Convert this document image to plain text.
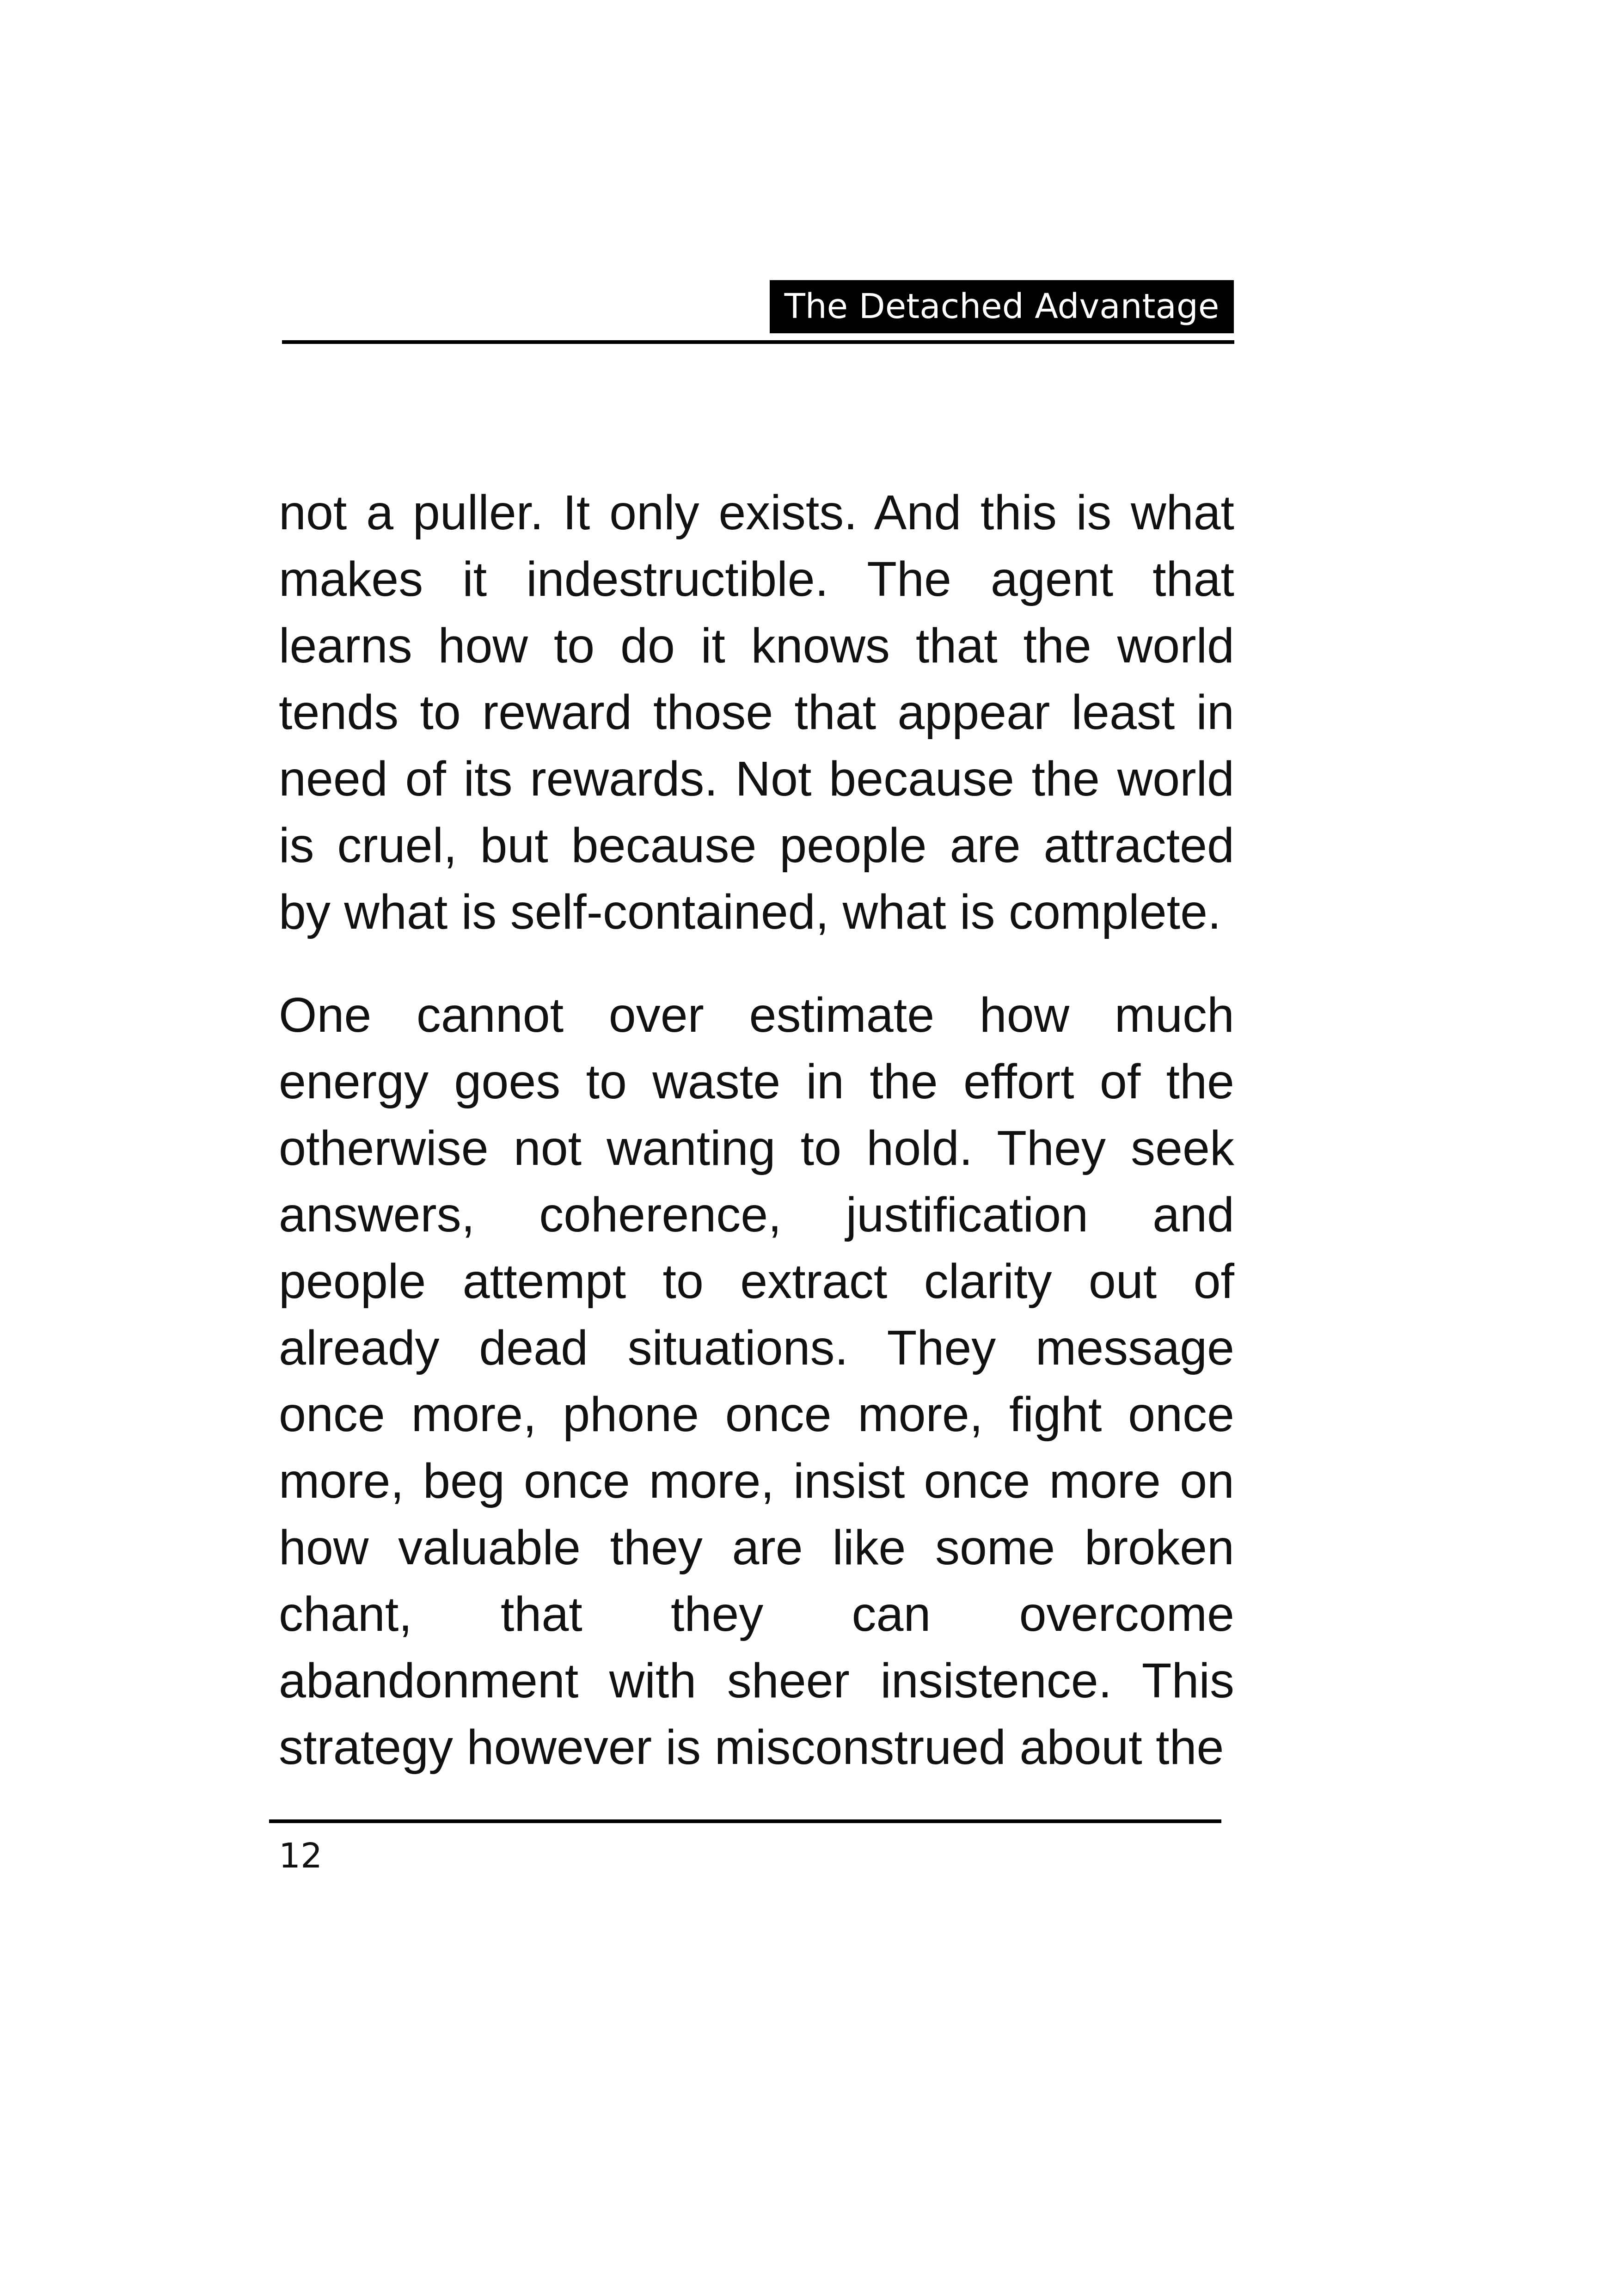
The Detached Advantage

not a puller. It only exists. And this is what makes it indestructible. The agent that learns how to do it knows that the world tends to reward those that appear least in need of its rewards. Not because the world is cruel, but because people are attracted by what is self-contained, what is complete.

One cannot over estimate how much energy goes to waste in the effort of the otherwise not wanting to hold. They seek answers, coherence, justification and people attempt to extract clarity out of already dead situations. They message once more, phone once more, fight once more, beg once more, insist once more on how valuable they are like some broken chant, that they can overcome abandonment with sheer insistence. This strategy however is misconstrued about the

12
